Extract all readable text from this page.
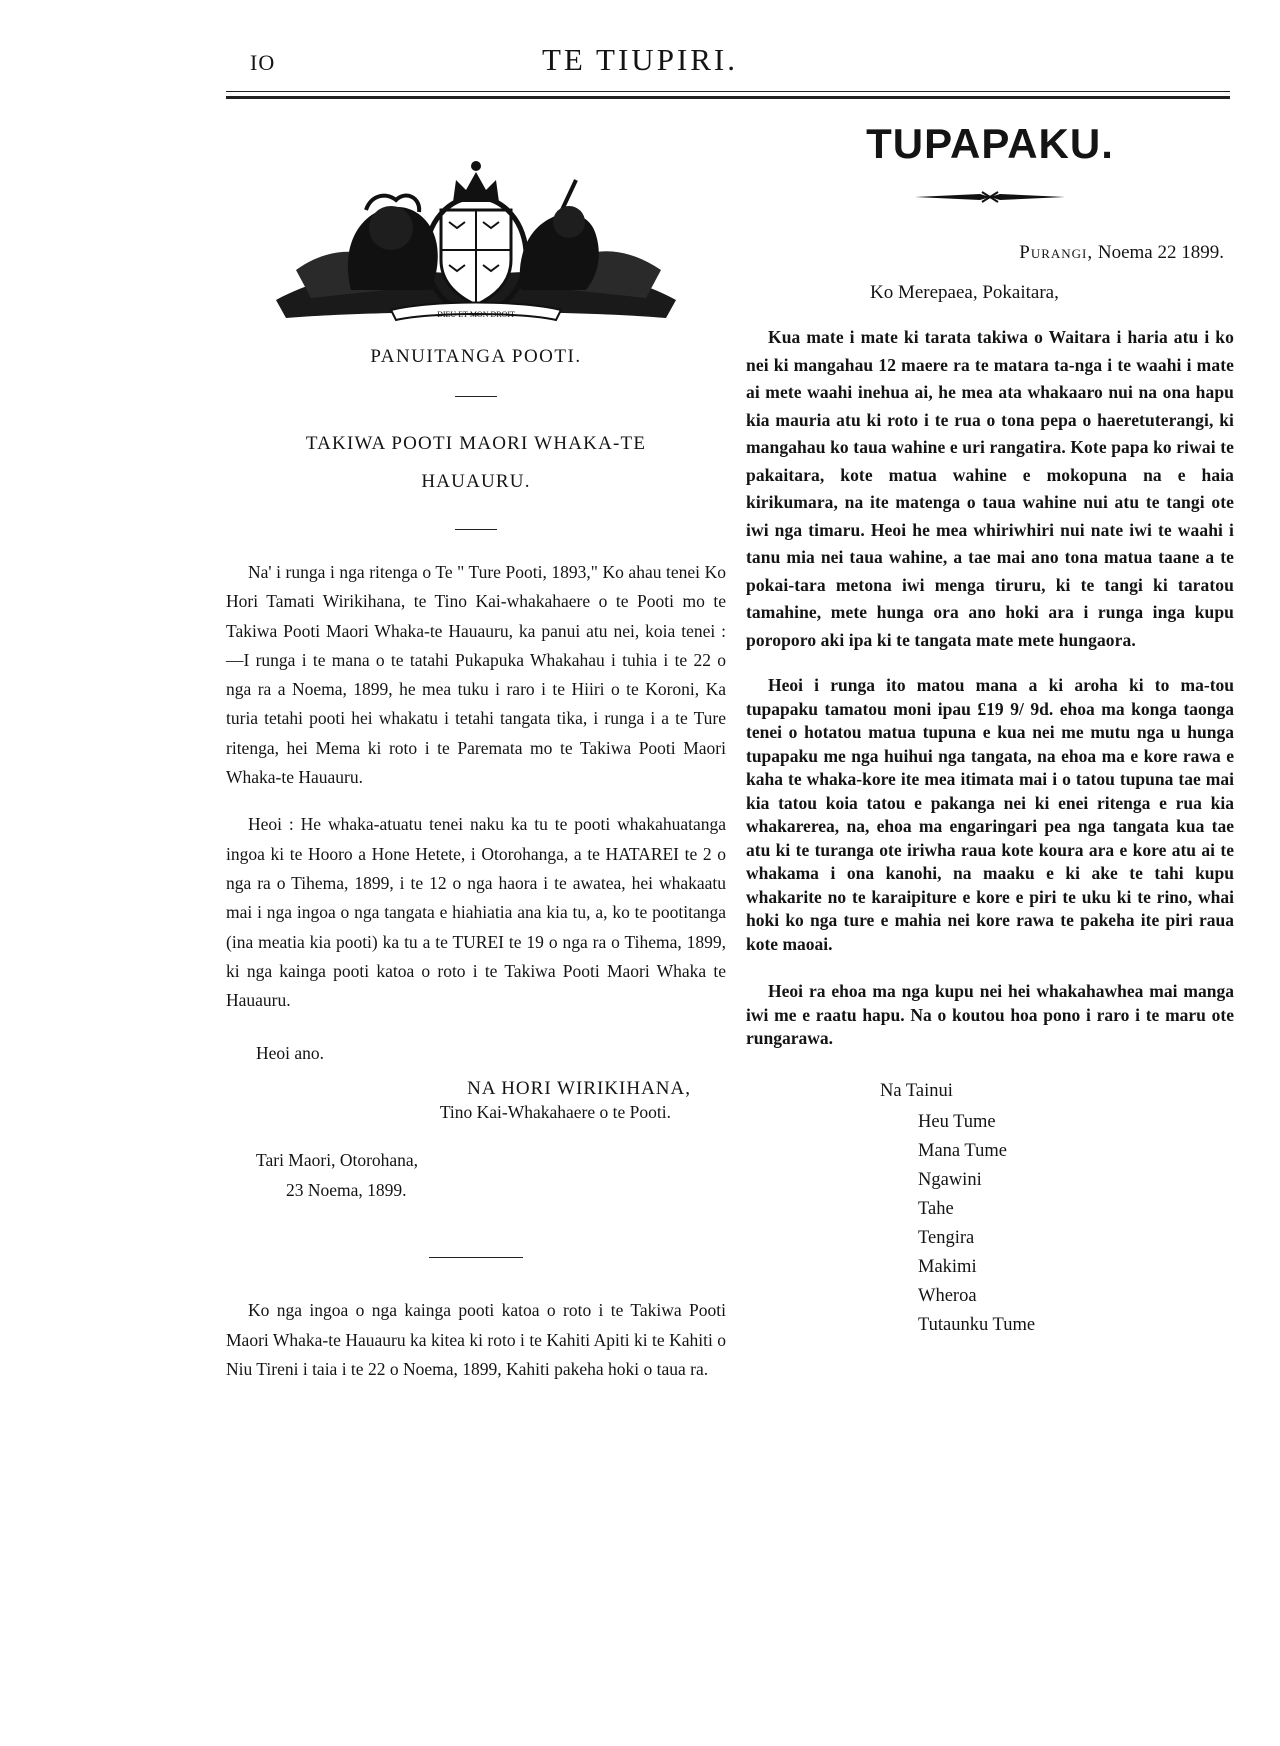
IO	TE TIUPIRI.
DIEU ET MON DROIT
PANUITANGA POOTI.
TAKIWA POOTI MAORI WHAKA-TE
HAUAURU.

Na' i runga i nga ritenga o Te " Ture Pooti, 1893," Ko ahau tenei Ko Hori Tamati Wirikihana, te Tino Kai-whakahaere o te Pooti mo te Takiwa Pooti Maori Whaka-te Hauauru, ka panui atu nei, koia tenei :—I runga i te mana o te tatahi Pukapuka Whakahau i tuhia i te 22 o nga ra a Noema, 1899, he mea tuku i raro i te Hiiri o te Koroni, Ka turia tetahi pooti hei whakatu i tetahi tangata tika, i runga i a te Ture ritenga, hei Mema ki roto i te Paremata mo te Takiwa Pooti Maori Whaka-te Hauauru.

Heoi : He whaka-atuatu tenei naku ka tu te pooti whakahuatanga ingoa ki te Hooro a Hone Hetete, i Otorohanga, a te HATAREI te 2 o nga ra o Tihema, 1899, i te 12 o nga haora i te awatea, hei whakaatu mai i nga ingoa o nga tangata e hiahiatia ana kia tu, a, ko te pootitanga (ina meatia kia pooti) ka tu a te TUREI te 19 o nga ra o Tihema, 1899, ki nga kainga pooti katoa o roto i te Takiwa Pooti Maori Whaka te Hauauru.

Heoi ano.
NA HORI WIRIKIHANA,
Tino Kai-Whakahaere o te Pooti.
Tari Maori, Otorohana,
23 Noema, 1899.

Ko nga ingoa o nga kainga pooti katoa o roto i te Takiwa Pooti Maori Whaka-te Hauauru ka kitea ki roto i te Kahiti Apiti ki te Kahiti o Niu Tireni i taia i te 22 o Noema, 1899, Kahiti pakeha hoki o taua ra.

TUPAPAKU.
Purangi, Noema 22 1899.
Ko Merepaea, Pokaitara,

Kua mate i mate ki tarata takiwa o Waitara i haria atu i ko nei ki mangahau 12 maere ra te matara ta-nga i te waahi i mate ai mete waahi inehua ai, he mea ata whakaaro nui na ona hapu kia mauria atu ki roto i te rua o tona pepa o haeretuterangi, ki mangahau ko taua wahine e uri rangatira. Kote papa ko riwai te pakaitara, kote matua wahine e mokopuna na e haia kirikumara, na ite matenga o taua wahine nui atu te tangi ote iwi nga timaru. Heoi he mea whiriwhiri nui nate iwi te waahi i tanu mia nei taua wahine, a tae mai ano tona matua taane a te pokai-tara metona iwi menga tiruru, ki te tangi ki taratou tamahine, mete hunga ora ano hoki ara i runga inga kupu poroporo aki ipa ki te tangata mate mete hungaora.

Heoi i runga ito matou mana a ki aroha ki to ma-tou tupapaku tamatou moni ipau £19 9/ 9d. ehoa ma konga taonga tenei o hotatou matua tupuna e kua nei me mutu nga u hunga tupapaku me nga huihui nga tangata, na ehoa ma e kore rawa e kaha te whaka-kore ite mea itimata mai i o tatou tupuna tae mai kia tatou koia tatou e pakanga nei ki enei ritenga e rua kia whakarerea, na, ehoa ma engaringari pea nga tangata kua tae atu ki te turanga ote iriwha raua kote koura ara e kore atu ai te whakama i ona kanohi, na maaku e ki ake te tahi kupu whakarite no te karaipiture e kore e piri te uku ki te rino, whai hoki ko nga ture e mahia nei kore rawa te pakeha ite piri raua kote maoai.

Heoi ra ehoa ma nga kupu nei hei whakahawhea mai manga iwi me e raatu hapu. Na o koutou hoa pono i raro i te maru ote rungarawa.

Na Tainui
Heu Tume
Mana Tume
Ngawini
Tahe
Tengira
Makimi
Wheroa
Tutaunku Tume
